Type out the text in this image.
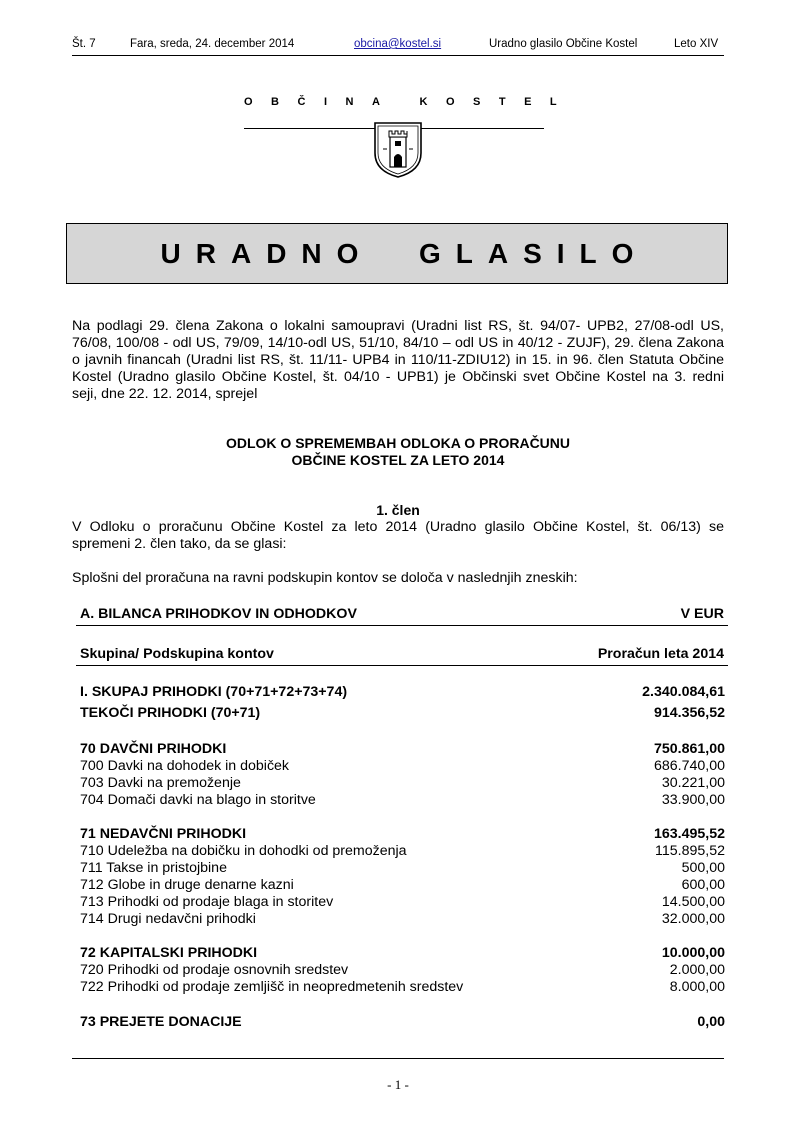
Št. 7	Fara, sreda, 24. december 2014	obcina@kostel.si	Uradno glasilo Občine Kostel	Leto XIV
OBČINA KOSTEL
URADNO  GLASILO
Na podlagi 29. člena Zakona o lokalni samoupravi (Uradni list RS, št. 94/07- UPB2, 27/08-odl US,
76/08, 100/08 - odl US, 79/09, 14/10-odl US, 51/10, 84/10 – odl US in 40/12 - ZUJF), 29. člena Zakona
o javnih financah (Uradni list RS, št. 11/11- UPB4 in 110/11-ZDIU12) in 15. in 96. člen Statuta Občine
Kostel (Uradno glasilo Občine Kostel, št. 04/10 - UPB1) je Občinski svet Občine Kostel na 3. redni
seji, dne 22. 12. 2014, sprejel
ODLOK O SPREMEMBAH ODLOKA O PRORAČUNU
OBČINE KOSTEL ZA LETO 2014
1. člen
V Odloku o proračunu Občine Kostel za leto 2014 (Uradno glasilo Občine Kostel, št. 06/13) se
spremeni 2. člen tako, da se glasi:
Splošni del proračuna na ravni podskupin kontov se določa v naslednjih zneskih:
A. BILANCA PRIHODKOV IN ODHODKOV	V EUR
Skupina/ Podskupina kontov	Proračun leta 2014
I. SKUPAJ PRIHODKI (70+71+72+73+74)	2.340.084,61
TEKOČI PRIHODKI (70+71)	914.356,52
70 DAVČNI PRIHODKI	750.861,00
700 Davki na dohodek in dobiček	686.740,00
703 Davki na premoženje	30.221,00
704 Domači davki na blago in storitve	33.900,00
71 NEDAVČNI PRIHODKI	163.495,52
710 Udeležba na dobičku in dohodki od premoženja	115.895,52
711 Takse in pristojbine	500,00
712 Globe in druge denarne kazni	600,00
713 Prihodki od prodaje blaga in storitev	14.500,00
714 Drugi nedavčni prihodki	32.000,00
72 KAPITALSKI PRIHODKI	10.000,00
720 Prihodki od prodaje osnovnih sredstev	2.000,00
722 Prihodki od prodaje zemljišč in neopredmetenih sredstev	8.000,00
73 PREJETE DONACIJE	0,00
- 1 -
